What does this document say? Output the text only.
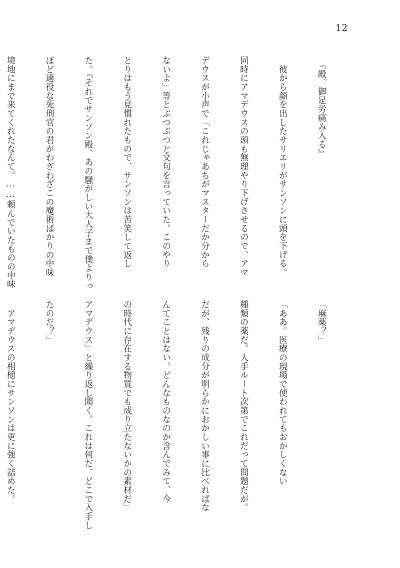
12

　『殿、御足労痛み入る』

　彼から顔を出したサリエリがサンソンに頭を下げる。

同時にアマデウスの頭も無理やり下げさせるので、アマ

デウスが小声で「これじゃあちがマスターだか分から

ないよ」等とぶつぶつと文句を言っていた。このやり

とりはもう見慣れたもので、サンソンは苦笑して返し

た。『それでサンソン殿、あの騒がしい大人子まで僕よりっ

ぽど適役な死刑官の君がわざわざこの魔術ばかりの中味

境地にまで来てくれたなんて。……頼んでいたものの中味

「麻薬？」

「ああ。医療の現場で使われてもおかしくない

種類の薬だ。人手ルート次第でこれだって問題だが。

だが、残りの成分が明らかにおかしい事に比べればな

んてことはない。どんなものなのか含んでみて、今

の時代に存在する物質でも成り立たないかの素材だ」

アマデウス」と繰り返し聞く。これは何だ、どこで入手し

たのだ？」

　アマデウスの相槌にサンソンは更に強く詰めた。
